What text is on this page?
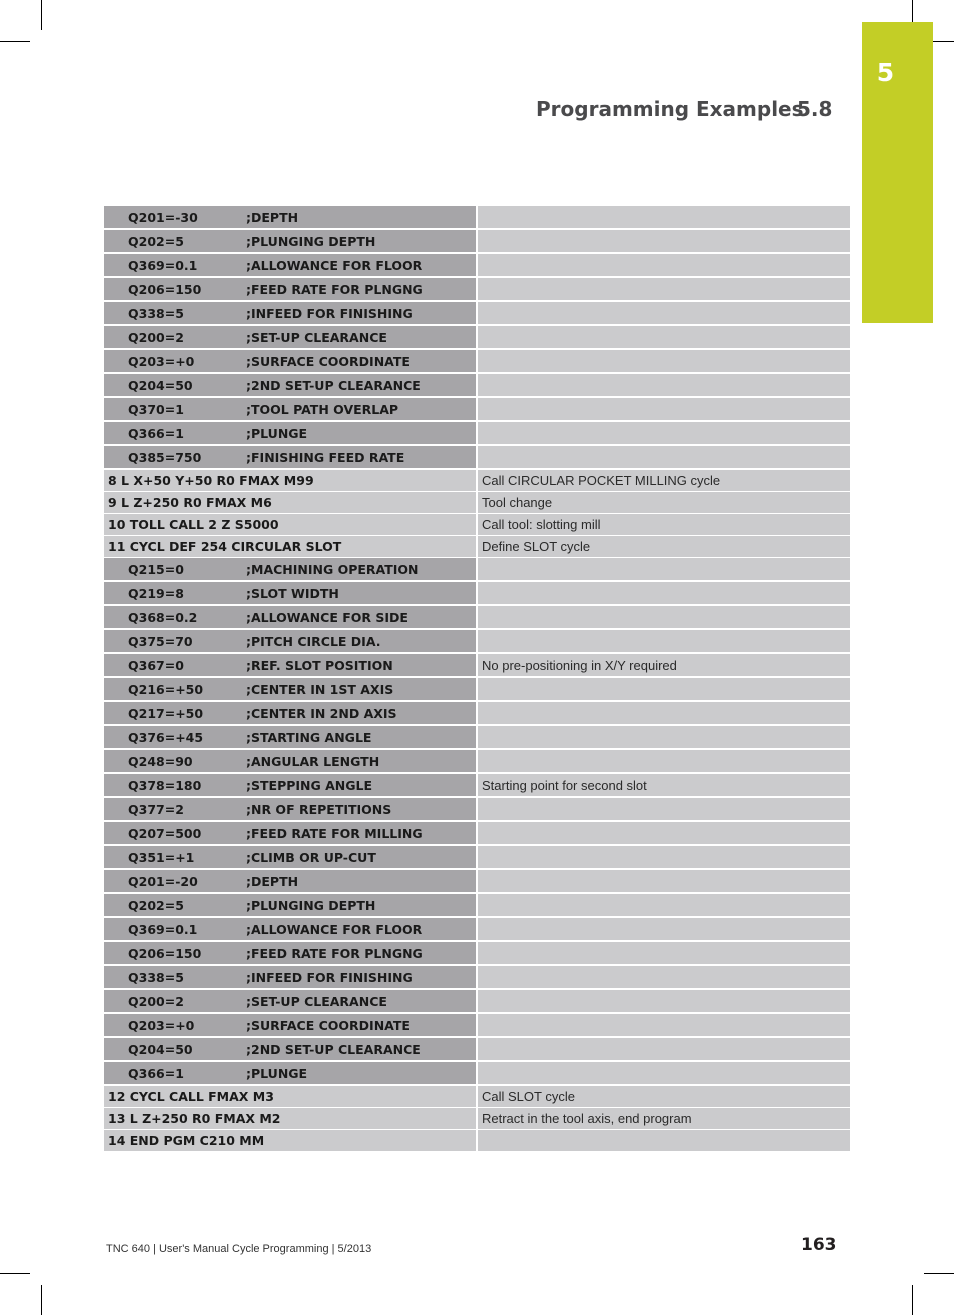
5
Programming Examples
5.8
Q201=-30	;DEPTH
Q202=5	;PLUNGING DEPTH
Q369=0.1	;ALLOWANCE FOR FLOOR
Q206=150	;FEED RATE FOR PLNGNG
Q338=5	;INFEED FOR FINISHING
Q200=2	;SET-UP CLEARANCE
Q203=+0	;SURFACE COORDINATE
Q204=50	;2ND SET-UP CLEARANCE
Q370=1	;TOOL PATH OVERLAP
Q366=1	;PLUNGE
Q385=750	;FINISHING FEED RATE
8 L X+50 Y+50 R0 FMAX M99	Call CIRCULAR POCKET MILLING cycle
9 L Z+250 R0 FMAX M6	Tool change
10 TOLL CALL 2 Z S5000	Call tool: slotting mill
11 CYCL DEF 254 CIRCULAR SLOT	Define SLOT cycle
Q215=0	;MACHINING OPERATION
Q219=8	;SLOT WIDTH
Q368=0.2	;ALLOWANCE FOR SIDE
Q375=70	;PITCH CIRCLE DIA.
Q367=0	;REF. SLOT POSITION	No pre-positioning in X/Y required
Q216=+50	;CENTER IN 1ST AXIS
Q217=+50	;CENTER IN 2ND AXIS
Q376=+45	;STARTING ANGLE
Q248=90	;ANGULAR LENGTH
Q378=180	;STEPPING ANGLE	Starting point for second slot
Q377=2	;NR OF REPETITIONS
Q207=500	;FEED RATE FOR MILLING
Q351=+1	;CLIMB OR UP-CUT
Q201=-20	;DEPTH
Q202=5	;PLUNGING DEPTH
Q369=0.1	;ALLOWANCE FOR FLOOR
Q206=150	;FEED RATE FOR PLNGNG
Q338=5	;INFEED FOR FINISHING
Q200=2	;SET-UP CLEARANCE
Q203=+0	;SURFACE COORDINATE
Q204=50	;2ND SET-UP CLEARANCE
Q366=1	;PLUNGE
12 CYCL CALL FMAX M3	Call SLOT cycle
13 L Z+250 R0 FMAX M2	Retract in the tool axis, end program
14 END PGM C210 MM
TNC 640 | User's Manual Cycle Programming | 5/2013	163
